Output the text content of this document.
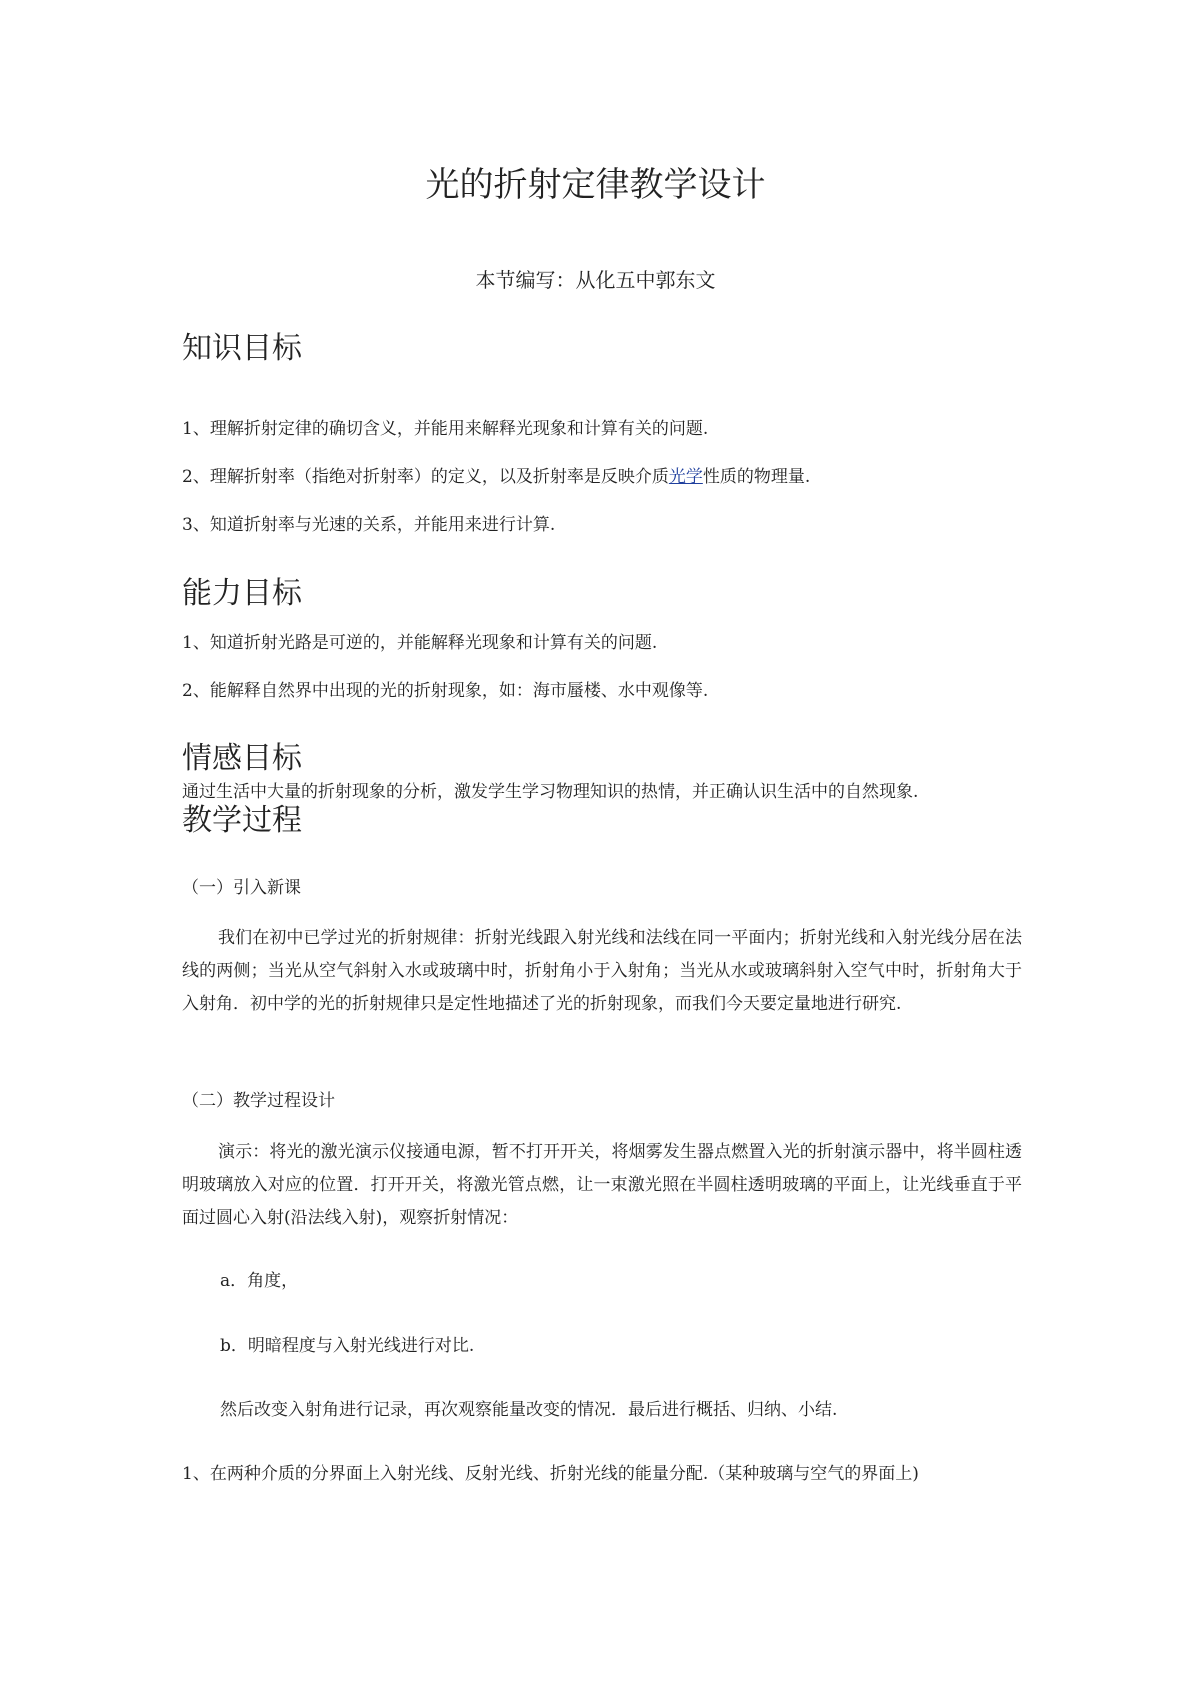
光的折射定律教学设计
本节编写：从化五中郭东文
知识目标
1、理解折射定律的确切含义，并能用来解释光现象和计算有关的问题.
2、理解折射率（指绝对折射率）的定义，以及折射率是反映介质光学性质的物理量.
3、知道折射率与光速的关系，并能用来进行计算.
能力目标
1、知道折射光路是可逆的，并能解释光现象和计算有关的问题.
2、能解释自然界中出现的光的折射现象，如：海市蜃楼、水中观像等.
情感目标
通过生活中大量的折射现象的分析，激发学生学习物理知识的热情，并正确认识生活中的自然现象.
教学过程
（一）引入新课
我们在初中已学过光的折射规律：折射光线跟入射光线和法线在同一平面内；折射光线和入射光线分居在法线的两侧；当光从空气斜射入水或玻璃中时，折射角小于入射角；当光从水或玻璃斜射入空气中时，折射角大于入射角．初中学的光的折射规律只是定性地描述了光的折射现象，而我们今天要定量地进行研究.
（二）教学过程设计
演示：将光的激光演示仪接通电源，暂不打开开关，将烟雾发生器点燃置入光的折射演示器中，将半圆柱透明玻璃放入对应的位置．打开开关，将激光管点燃，让一束激光照在半圆柱透明玻璃的平面上，让光线垂直于平面过圆心入射(沿法线入射)，观察折射情况：
a．角度，
b．明暗程度与入射光线进行对比.
然后改变入射角进行记录，再次观察能量改变的情况．最后进行概括、归纳、小结.
1、在两种介质的分界面上入射光线、反射光线、折射光线的能量分配.（某种玻璃与空气的界面上)
